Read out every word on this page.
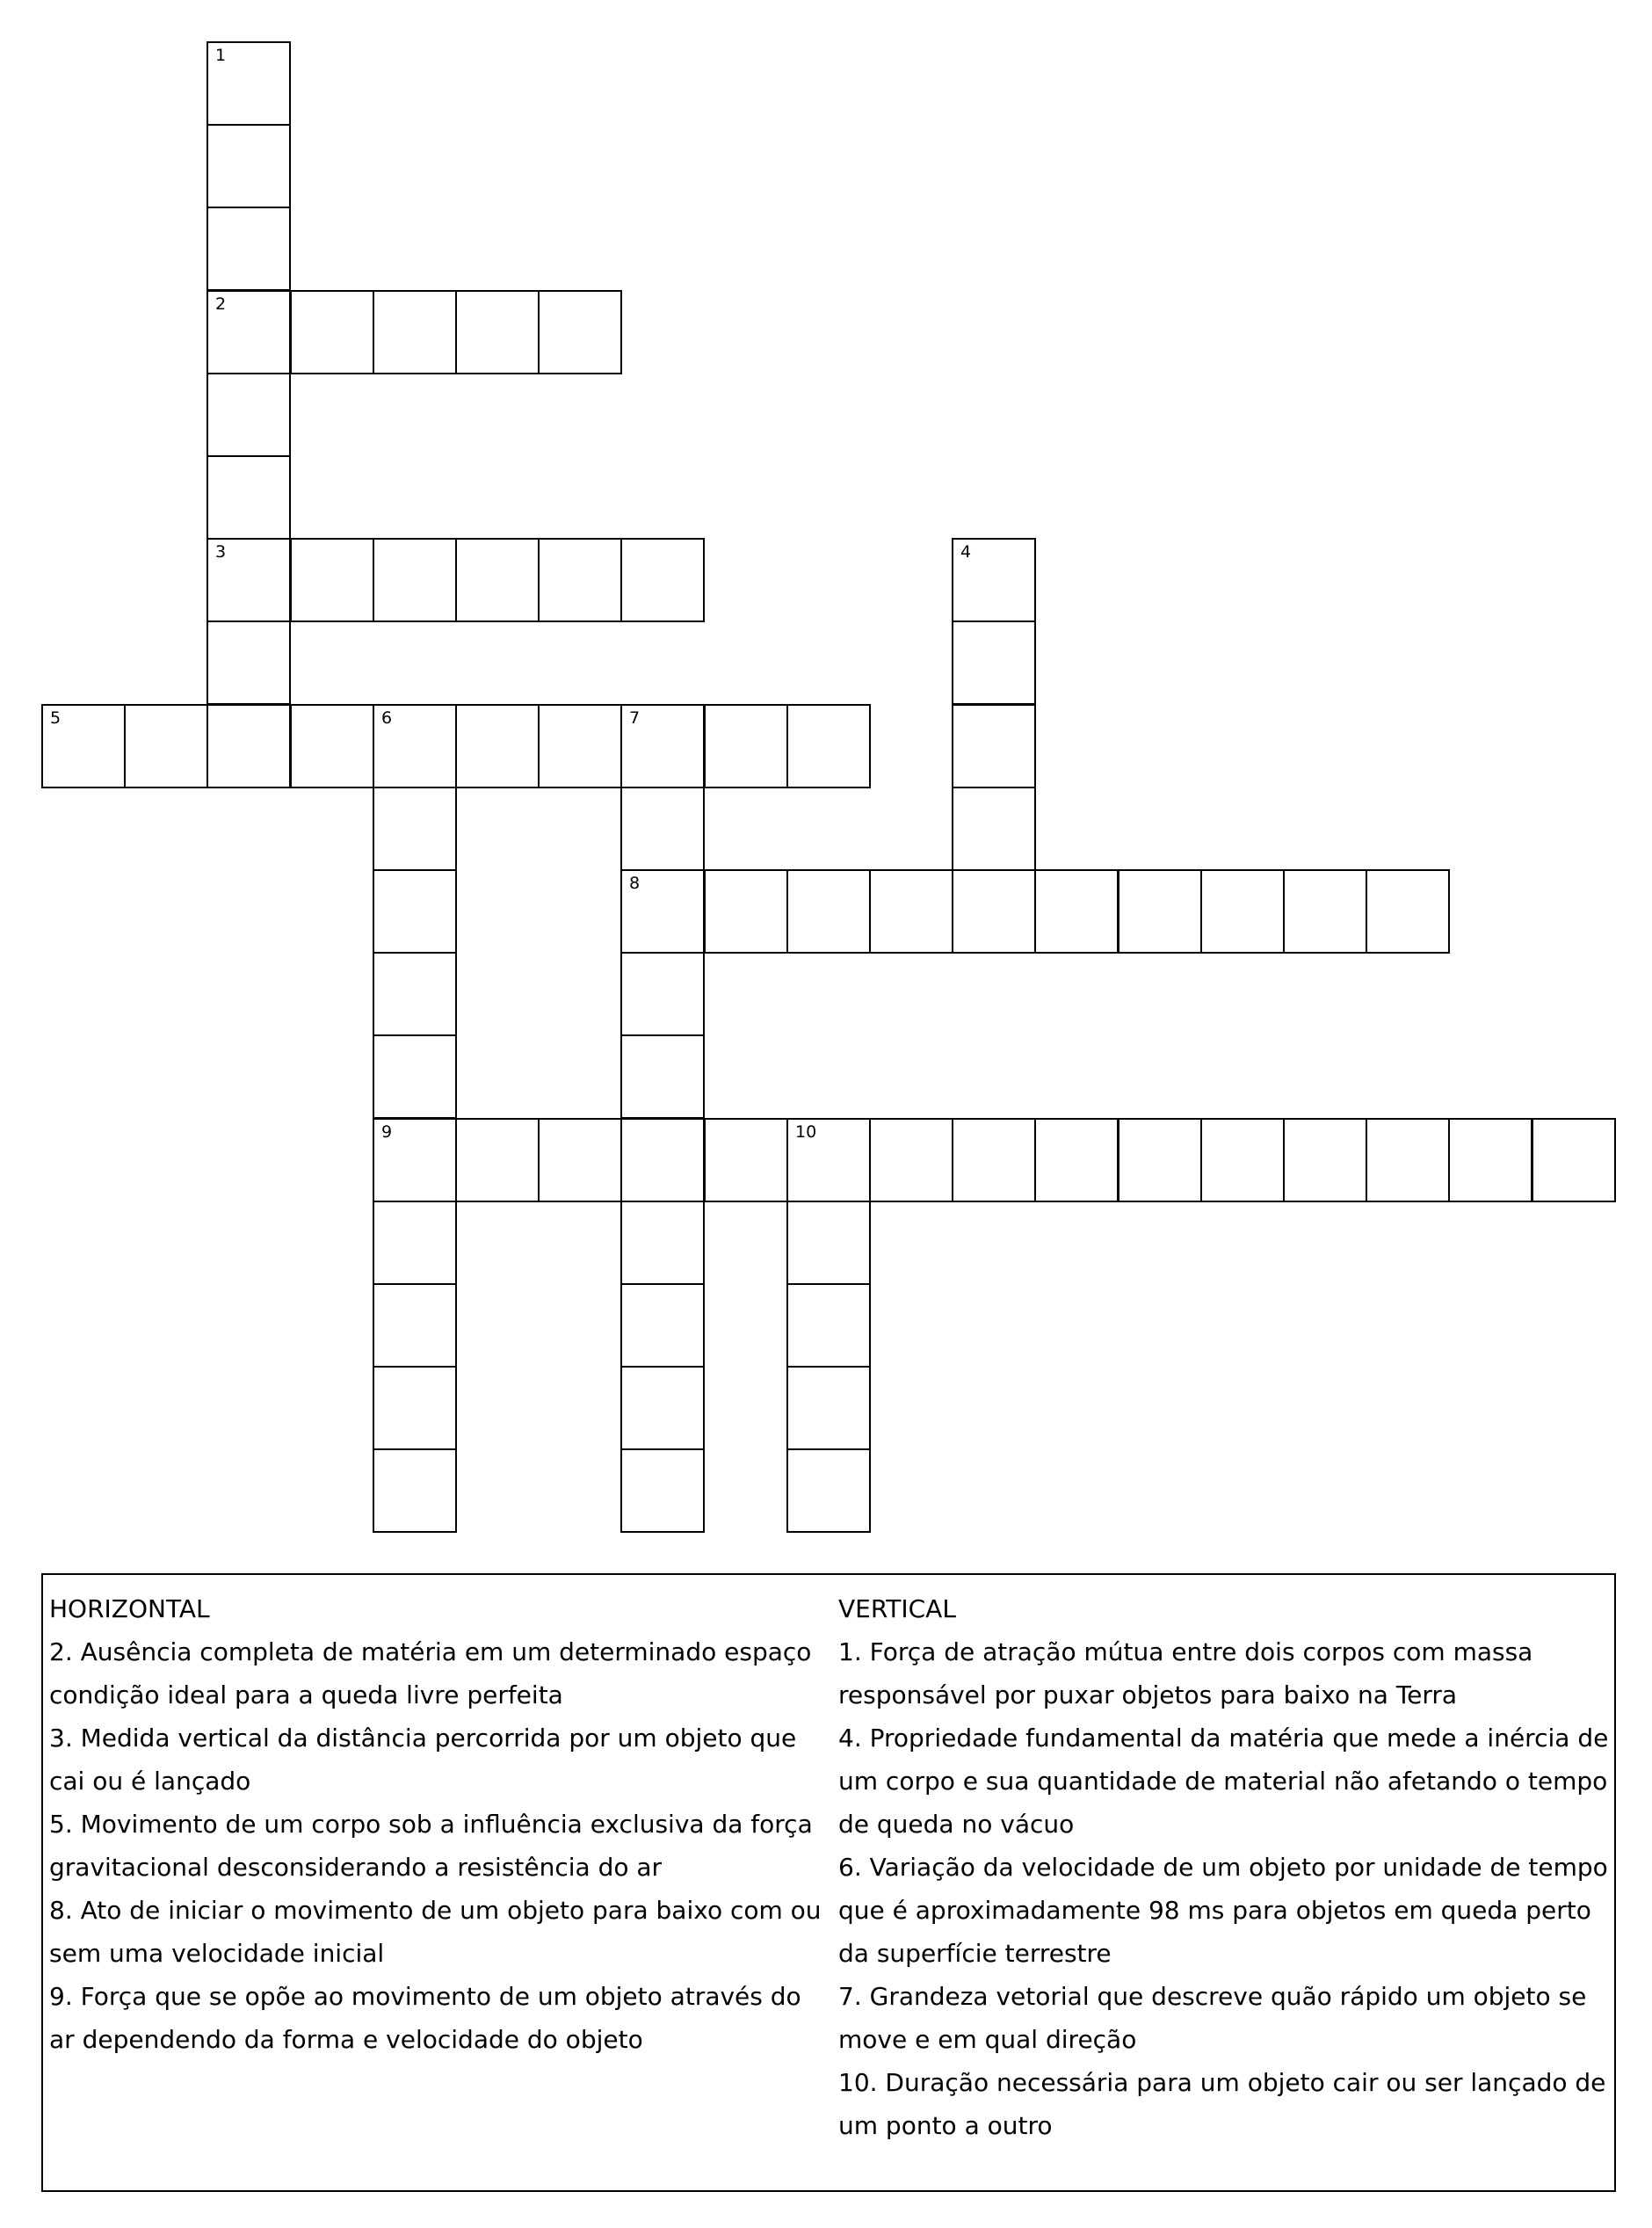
1
2
3	4
5	6	7
8
9	10
HORIZONTAL
2. Ausência completa de matéria em um determinado espaço condição ideal para a queda livre perfeita
3. Medida vertical da distância percorrida por um objeto que cai ou é lançado
5. Movimento de um corpo sob a influência exclusiva da força gravitacional desconsiderando a resistência do ar
8. Ato de iniciar o movimento de um objeto para baixo com ou sem uma velocidade inicial
9. Força que se opõe ao movimento de um objeto através do ar dependendo da forma e velocidade do objeto
VERTICAL
1. Força de atração mútua entre dois corpos com massa responsável por puxar objetos para baixo na Terra
4. Propriedade fundamental da matéria que mede a inércia de um corpo e sua quantidade de material não afetando o tempo de queda no vácuo
6. Variação da velocidade de um objeto por unidade de tempo que é aproximadamente 98 ms para objetos em queda perto da superfície terrestre
7. Grandeza vetorial que descreve quão rápido um objeto se move e em qual direção
10. Duração necessária para um objeto cair ou ser lançado de um ponto a outro
